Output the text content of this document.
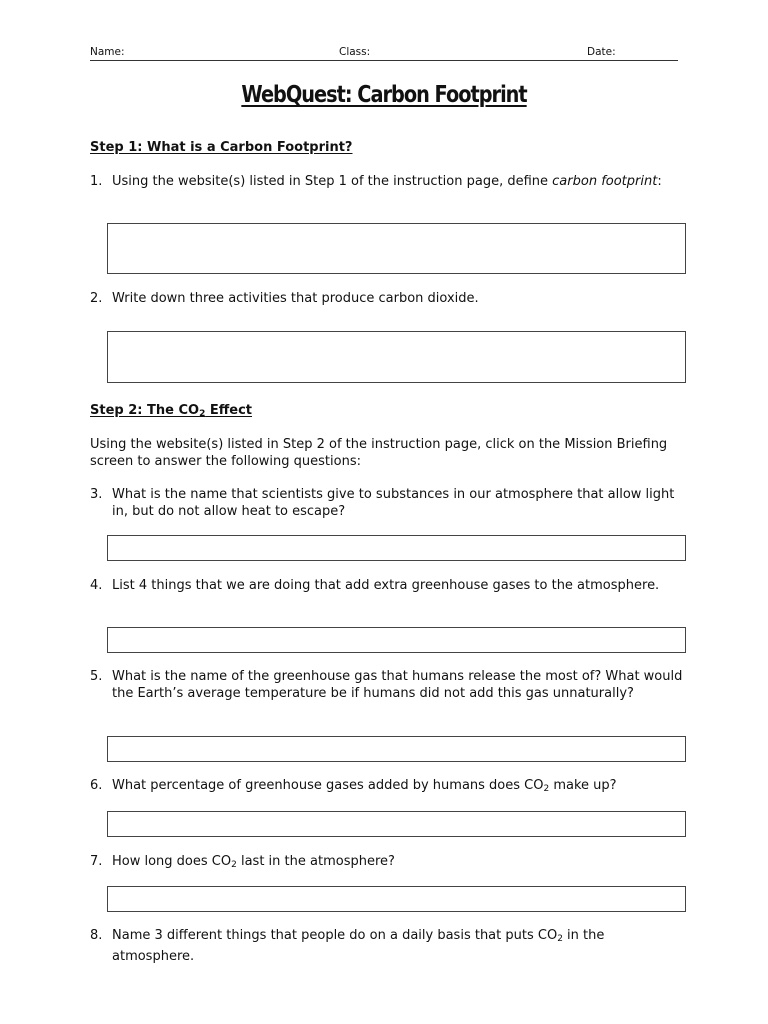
Name:	Class:	Date:
WebQuest: Carbon Footprint
Step 1: What is a Carbon Footprint?
1. Using the website(s) listed in Step 1 of the instruction page, define carbon footprint:
2. Write down three activities that produce carbon dioxide.
Step 2: The $CO_2$ Effect
Using the website(s) listed in Step 2 of the instruction page, click on the Mission Briefing screen to answer the following questions:
3. What is the name that scientists give to substances in our atmosphere that allow light in, but do not allow heat to escape?
4. List 4 things that we are doing that add extra greenhouse gases to the atmosphere.
5. What is the name of the greenhouse gas that humans release the most of? What would the Earth’s average temperature be if humans did not add this gas unnaturally?
6. What percentage of greenhouse gases added by humans does $CO_2$ make up?
7. How long does $CO_2$ last in the atmosphere?
8. Name 3 different things that people do on a daily basis that puts $CO_2$ in the atmosphere.
